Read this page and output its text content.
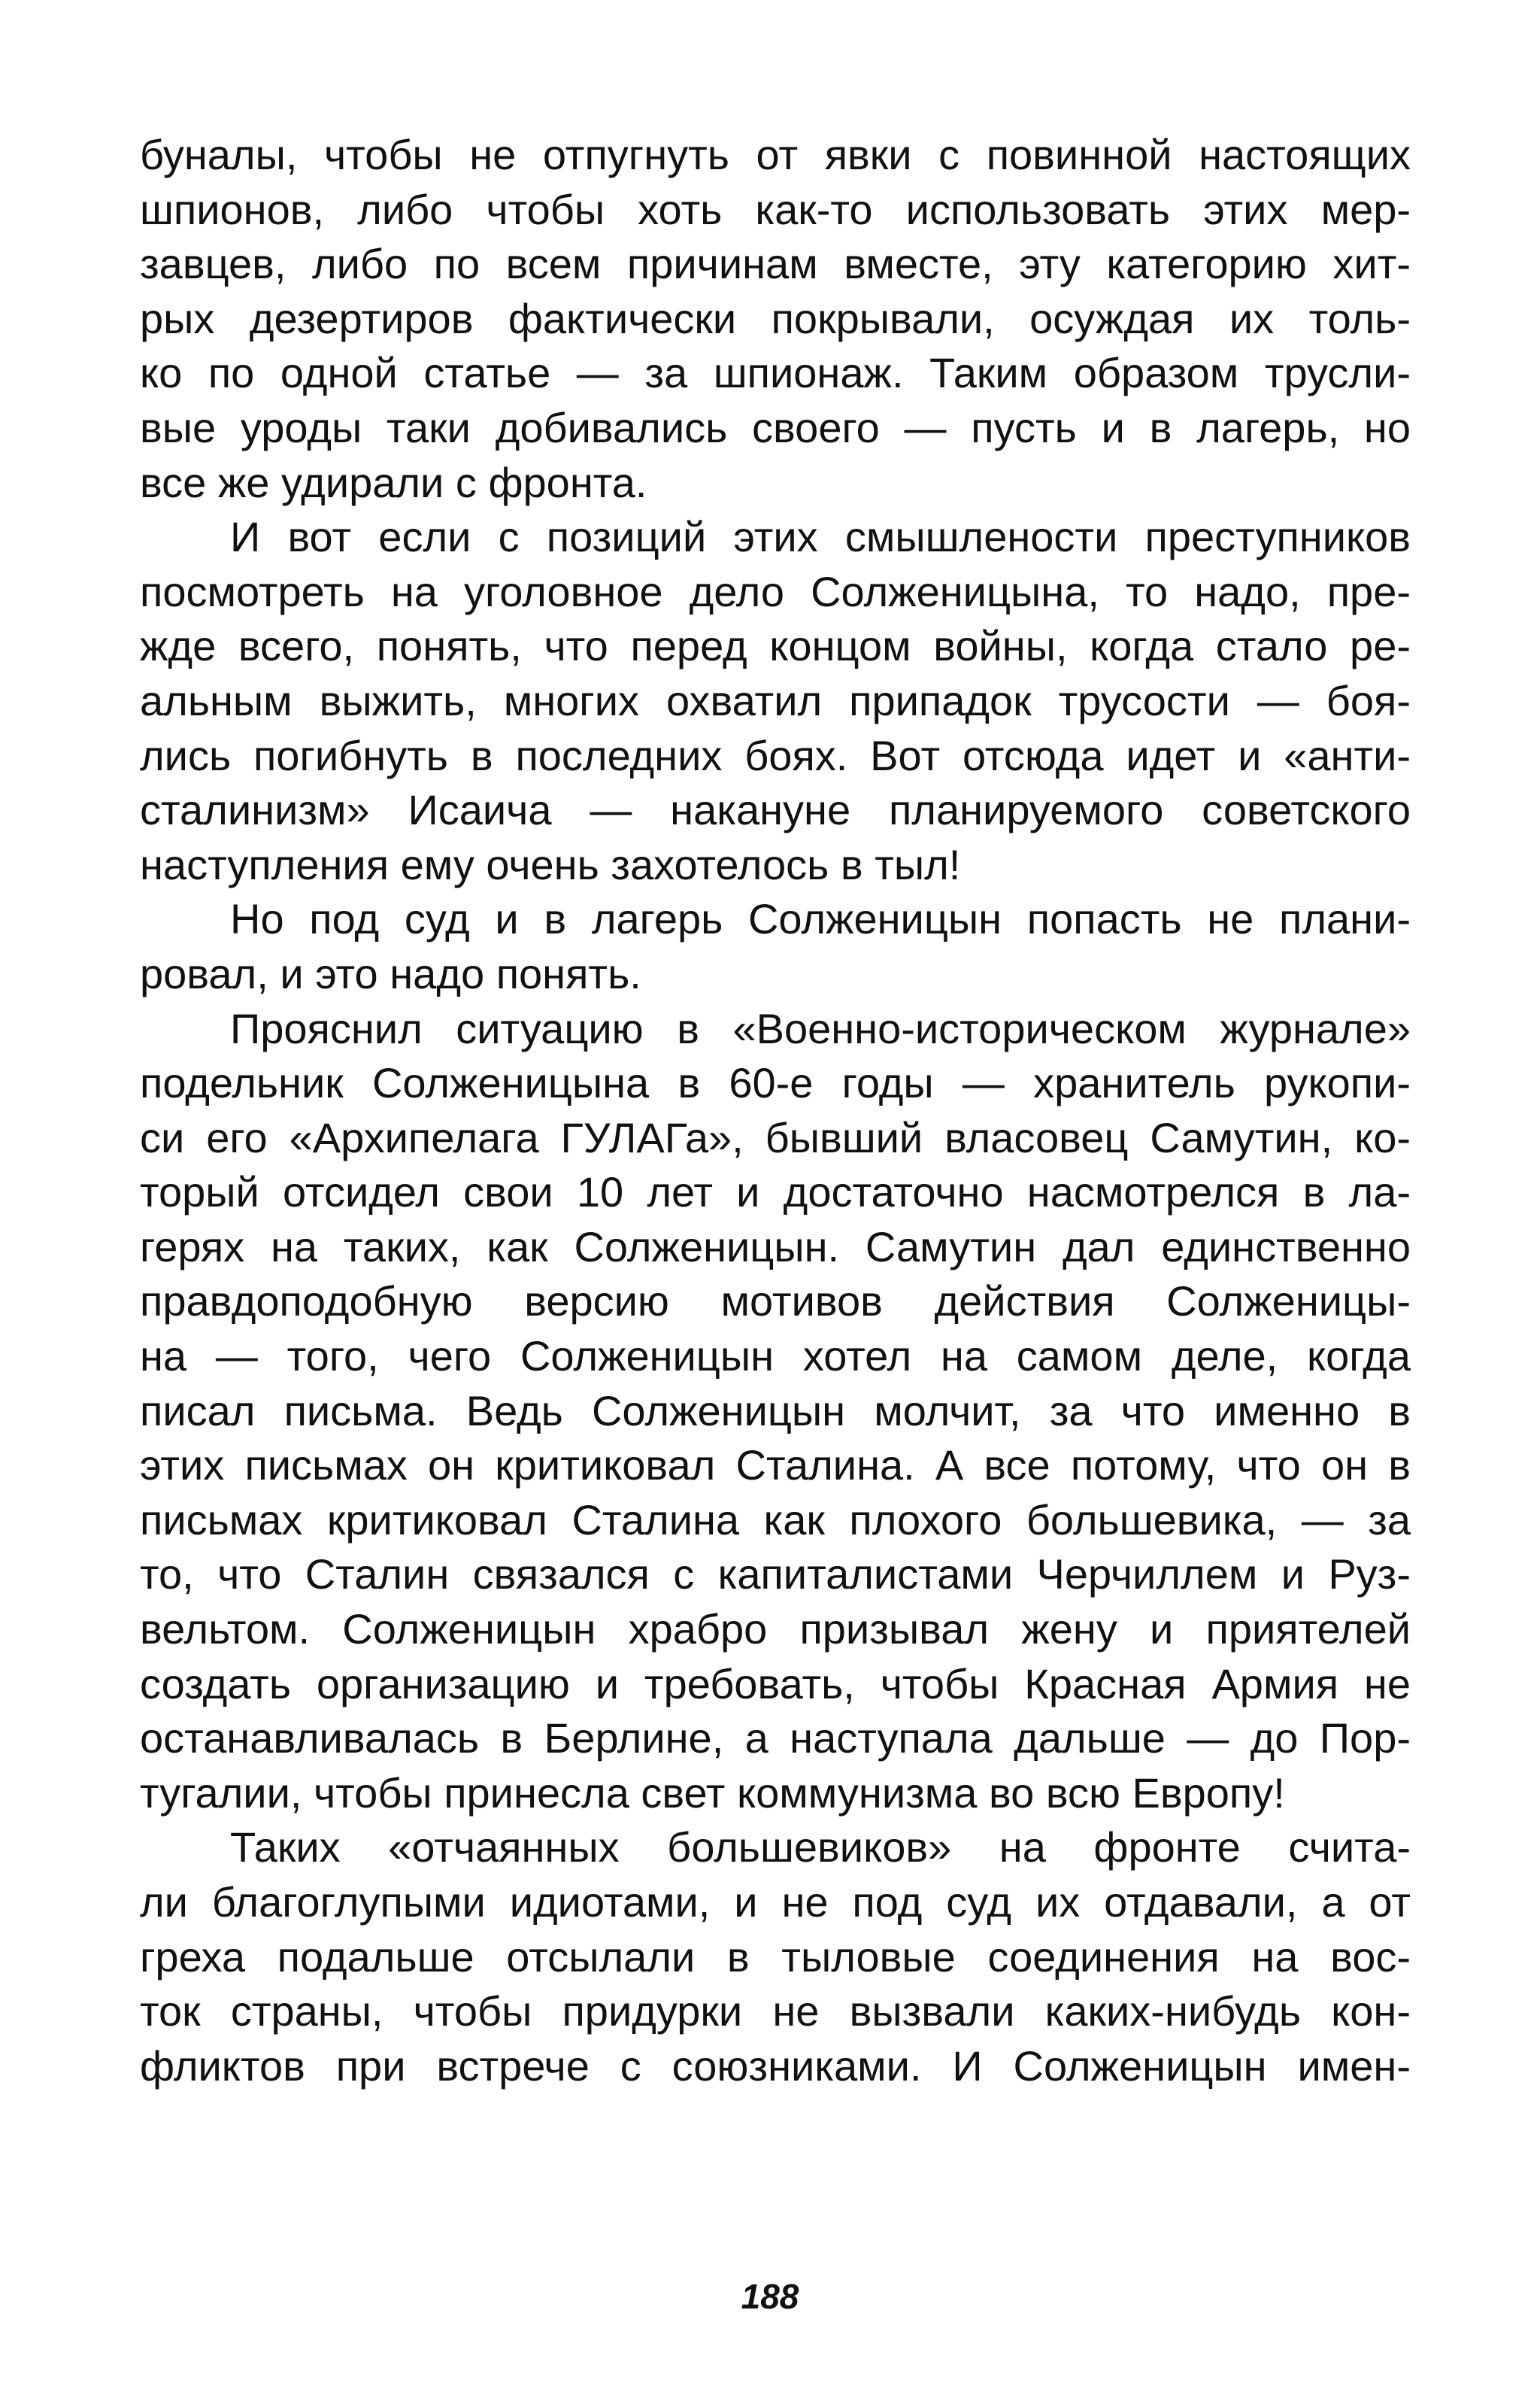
буналы, чтобы не отпугнуть от явки с повинной настоящих
шпионов, либо чтобы хоть как-то использовать этих мер-
завцев, либо по всем причинам вместе, эту категорию хит-
рых дезертиров фактически покрывали, осуждая их толь-
ко по одной статье — за шпионаж. Таким образом трусли-
вые уроды таки добивались своего — пусть и в лагерь, но
все же удирали с фронта.
И вот если с позиций этих смышлености преступников
посмотреть на уголовное дело Солженицына, то надо, пре-
жде всего, понять, что перед концом войны, когда стало ре-
альным выжить, многих охватил припадок трусости — боя-
лись погибнуть в последних боях. Вот отсюда идет и «анти-
сталинизм» Исаича — накануне планируемого советского
наступления ему очень захотелось в тыл!
Но под суд и в лагерь Солженицын попасть не плани-
ровал, и это надо понять.
Прояснил ситуацию в «Военно-историческом журнале»
подельник Солженицына в 60-е годы — хранитель рукопи-
си его «Архипелага ГУЛАГа», бывший власовец Самутин, ко-
торый отсидел свои 10 лет и достаточно насмотрелся в ла-
герях на таких, как Солженицын. Самутин дал единственно
правдоподобную версию мотивов действия Солженицы-
на — того, чего Солженицын хотел на самом деле, когда
писал письма. Ведь Солженицын молчит, за что именно в
этих письмах он критиковал Сталина. А все потому, что он в
письмах критиковал Сталина как плохого большевика, — за
то, что Сталин связался с капиталистами Черчиллем и Руз-
вельтом. Солженицын храбро призывал жену и приятелей
создать организацию и требовать, чтобы Красная Армия не
останавливалась в Берлине, а наступала дальше — до Пор-
тугалии, чтобы принесла свет коммунизма во всю Европу!
Таких «отчаянных большевиков» на фронте счита-
ли благоглупыми идиотами, и не под суд их отдавали, а от
греха подальше отсылали в тыловые соединения на вос-
ток страны, чтобы придурки не вызвали каких-нибудь кон-
фликтов при встрече с союзниками. И Солженицын имен-
188
